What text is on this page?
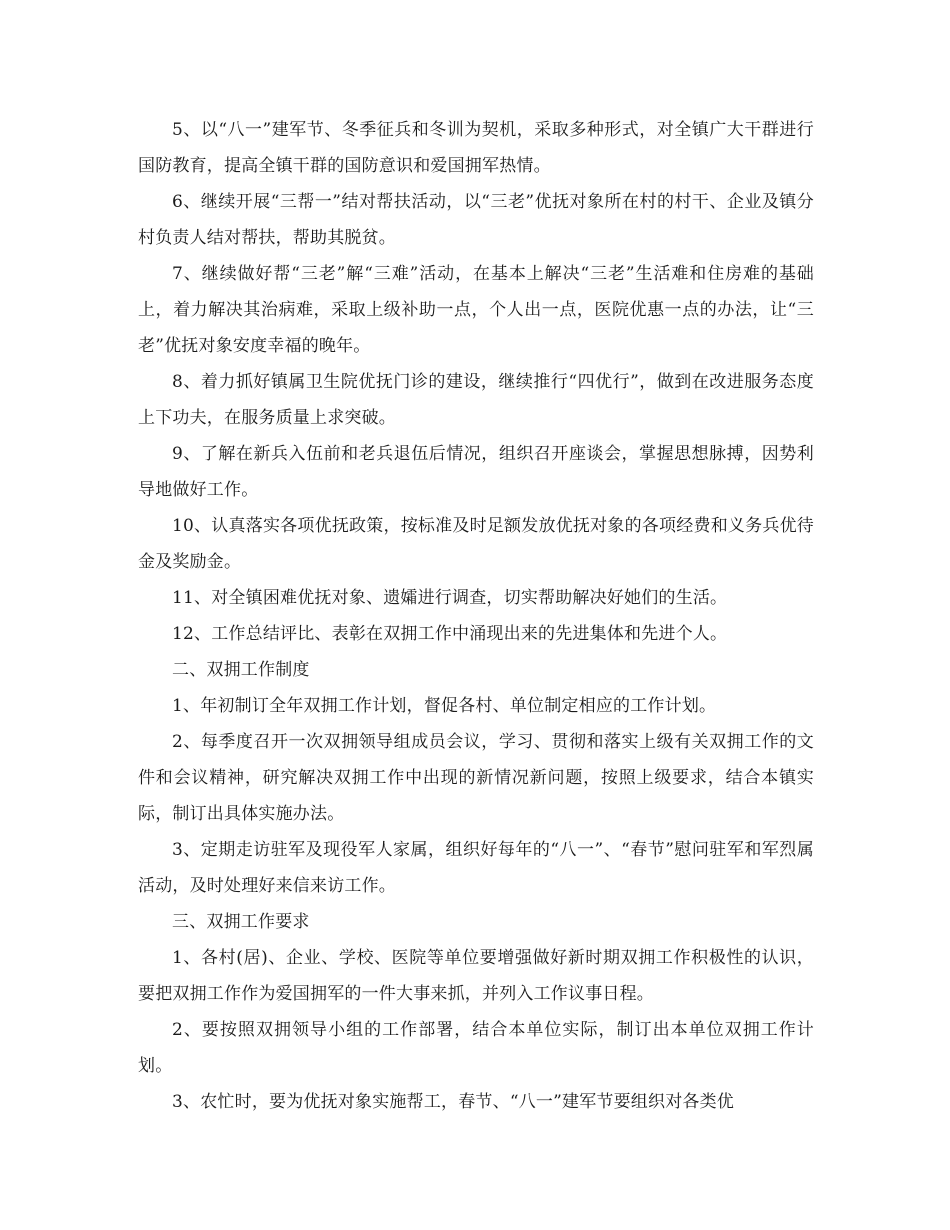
5、以“八一”建军节、冬季征兵和冬训为契机，采取多种形式，对全镇广大干群进行国防教育，提高全镇干群的国防意识和爱国拥军热情。

6、继续开展“三帮一”结对帮扶活动，以“三老”优抚对象所在村的村干、企业及镇分村负责人结对帮扶，帮助其脱贫。

7、继续做好帮“三老”解“三难”活动，在基本上解决“三老”生活难和住房难的基础上，着力解决其治病难，采取上级补助一点，个人出一点，医院优惠一点的办法，让“三老”优抚对象安度幸福的晚年。

8、着力抓好镇属卫生院优抚门诊的建设，继续推行“四优行”，做到在改进服务态度上下功夫，在服务质量上求突破。

9、了解在新兵入伍前和老兵退伍后情况，组织召开座谈会，掌握思想脉搏，因势利导地做好工作。

10、认真落实各项优抚政策，按标准及时足额发放优抚对象的各项经费和义务兵优待金及奖励金。

11、对全镇困难优抚对象、遗孀进行调查，切实帮助解决好她们的生活。

12、工作总结评比、表彰在双拥工作中涌现出来的先进集体和先进个人。

二、双拥工作制度

1、年初制订全年双拥工作计划，督促各村、单位制定相应的工作计划。

2、每季度召开一次双拥领导组成员会议，学习、贯彻和落实上级有关双拥工作的文件和会议精神，研究解决双拥工作中出现的新情况新问题，按照上级要求，结合本镇实际，制订出具体实施办法。

3、定期走访驻军及现役军人家属，组织好每年的“八一”、“春节”慰问驻军和军烈属活动，及时处理好来信来访工作。

三、双拥工作要求

1、各村(居)、企业、学校、医院等单位要增强做好新时期双拥工作积极性的认识，要把双拥工作作为爱国拥军的一件大事来抓，并列入工作议事日程。

2、要按照双拥领导小组的工作部署，结合本单位实际，制订出本单位双拥工作计划。

3、农忙时，要为优抚对象实施帮工，春节、“八一”建军节要组织对各类优
